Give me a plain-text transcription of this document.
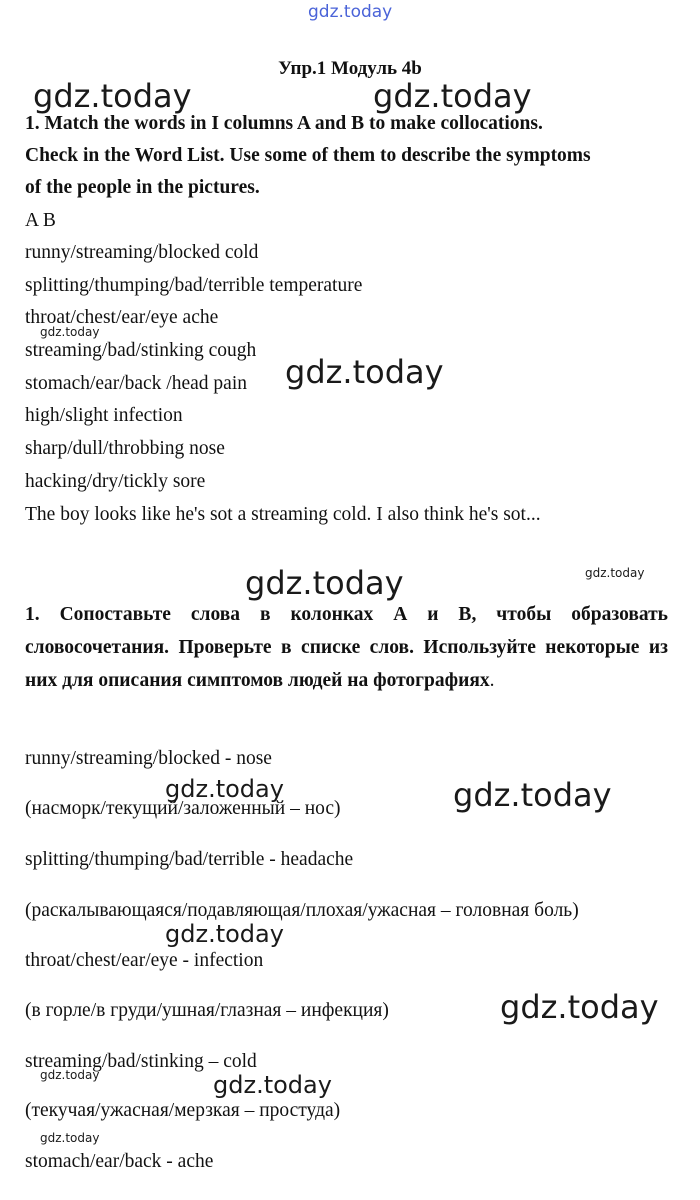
gdz.today
gdz.today	gdz.today
gdz.today
gdz.today
gdz.today	gdz.today
gdz.today	gdz.today
gdz.today
gdz.today
gdz.today	gdz.today
gdz.today
Упр.1 Модуль 4b
1. Match the words in I columns A and B to make collocations.
Check in the Word List. Use some of them to describe the symptoms
of the people in the pictures.
A B
runny/streaming/blocked cold
splitting/thumping/bad/terrible temperature
throat/chest/ear/eye ache
streaming/bad/stinking cough
stomach/ear/back /head pain
high/slight infection
sharp/dull/throbbing nose
hacking/dry/tickly sore
The boy looks like he's sot a streaming cold. I also think he's sot...
1. Сопоставьте слова в колонках А и В, чтобы образовать словосочетания. Проверьте в списке слов. Используйте некоторые из них для описания симптомов людей на фотографиях.
runny/streaming/blocked - nose
(насморк/текущий/заложенный – нос)
splitting/thumping/bad/terrible - headache
(раскалывающаяся/подавляющая/плохая/ужасная – головная боль)
throat/chest/ear/eye - infection
(в горле/в груди/ушная/глазная – инфекция)
streaming/bad/stinking – cold
(текучая/ужасная/мерзкая – простуда)
stomach/ear/back - ache
